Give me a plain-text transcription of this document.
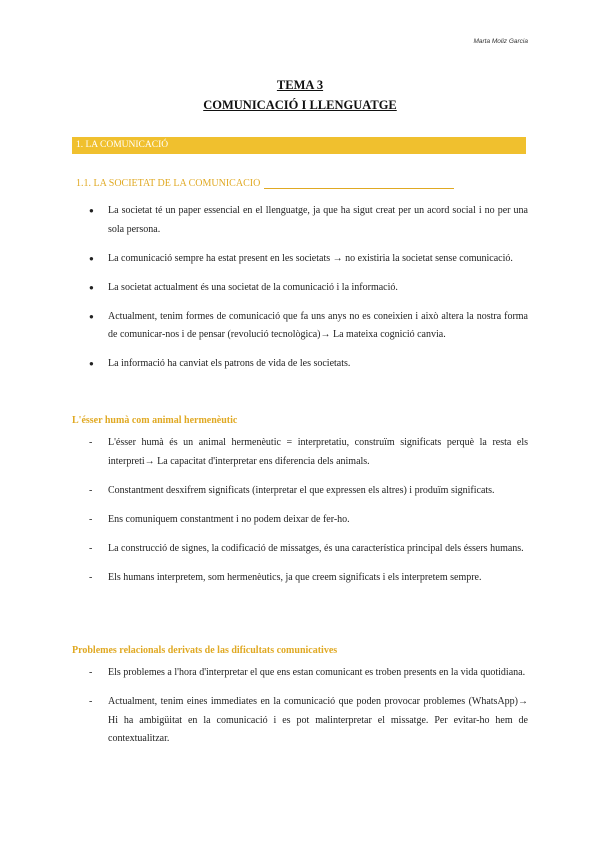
Marta Moliz Garcia
TEMA 3
COMUNICACIÓ I LLENGUATGE
1. LA COMUNICACIÓ
1.1. LA SOCIETAT DE LA COMUNICACIÓ
● La societat té un paper essencial en el llenguatge, ja que ha sigut creat per un acord social i no per una sola persona.
● La comunicació sempre ha estat present en les societats → no existiria la societat sense comunicació.
● La societat actualment és una societat de la comunicació i la informació.
● Actualment, tenim formes de comunicació que fa uns anys no es coneixien i això altera la nostra forma de comunicar-nos i de pensar (revolució tecnològica)→ La mateixa cognició canvia.
● La informació ha canviat els patrons de vida de les societats.
L'ésser humà com animal hermenèutic
- L'ésser humà és un animal hermenèutic = interpretatiu, construïm significats perquè la resta els interpreti→ La capacitat d'interpretar ens diferencia dels animals.
- Constantment desxifrem significats (interpretar el que expressen els altres) i produïm significats.
- Ens comuniquem constantment i no podem deixar de fer-ho.
- La construcció de signes, la codificació de missatges, és una característica principal dels éssers humans.
- Els humans interpretem, som hermenèutics, ja que creem significats i els interpretem sempre.
Problemes relacionals derivats de las dificultats comunicatives
- Els problemes a l'hora d'interpretar el que ens estan comunicant es troben presents en la vida quotidiana.
- Actualment, tenim eines immediates en la comunicació que poden provocar problemes (WhatsApp)→ Hi ha ambigüitat en la comunicació i es pot malinterpretar el missatge. Per evitar-ho hem de contextualitzar.
